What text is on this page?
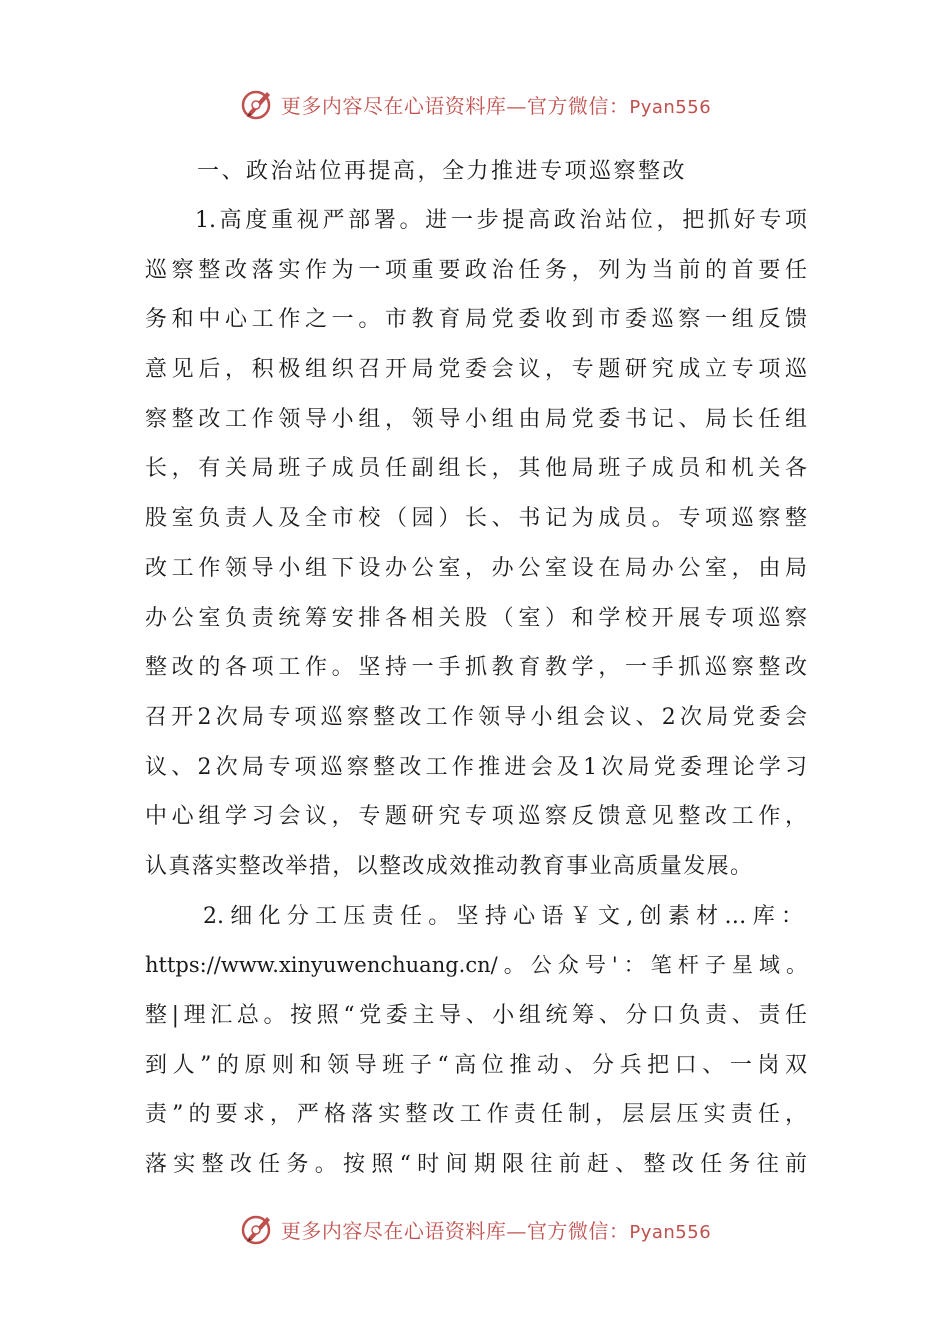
更多内容尽在心语资料库—官方微信：Pyan556

一、政治站位再提高，全力推进专项巡察整改

1.高度重视严部署。进一步提高政治站位，把抓好专项

巡察整改落实作为一项重要政治任务，列为当前的首要任

务和中心工作之一。市教育局党委收到市委巡察一组反馈

意见后，积极组织召开局党委会议，专题研究成立专项巡

察整改工作领导小组，领导小组由局党委书记、局长任组

长，有关局班子成员任副组长，其他局班子成员和机关各

股室负责人及全市校（园）长、书记为成员。专项巡察整

改工作领导小组下设办公室，办公室设在局办公室，由局

办公室负责统筹安排各相关股（室）和学校开展专项巡察

整改的各项工作。坚持一手抓教育教学，一手抓巡察整改

召开2次局专项巡察整改工作领导小组会议、2次局党委会

议、2次局专项巡察整改工作推进会及1次局党委理论学习

中心组学习会议，专题研究专项巡察反馈意见整改工作，

认真落实整改举措，以整改成效推动教育事业高质量发展。

2.细化分工压责任。坚持心语￥文,创素材…库：

https://www.xinyuwenchuang.cn/。公众号'：笔杆子星域。

整|理汇总。按照“党委主导、小组统筹、分口负责、责任

到人”的原则和领导班子“高位推动、分兵把口、一岗双

责”的要求，严格落实整改工作责任制，层层压实责任，

落实整改任务。按照“时间期限往前赶、整改任务往前

更多内容尽在心语资料库—官方微信：Pyan556
